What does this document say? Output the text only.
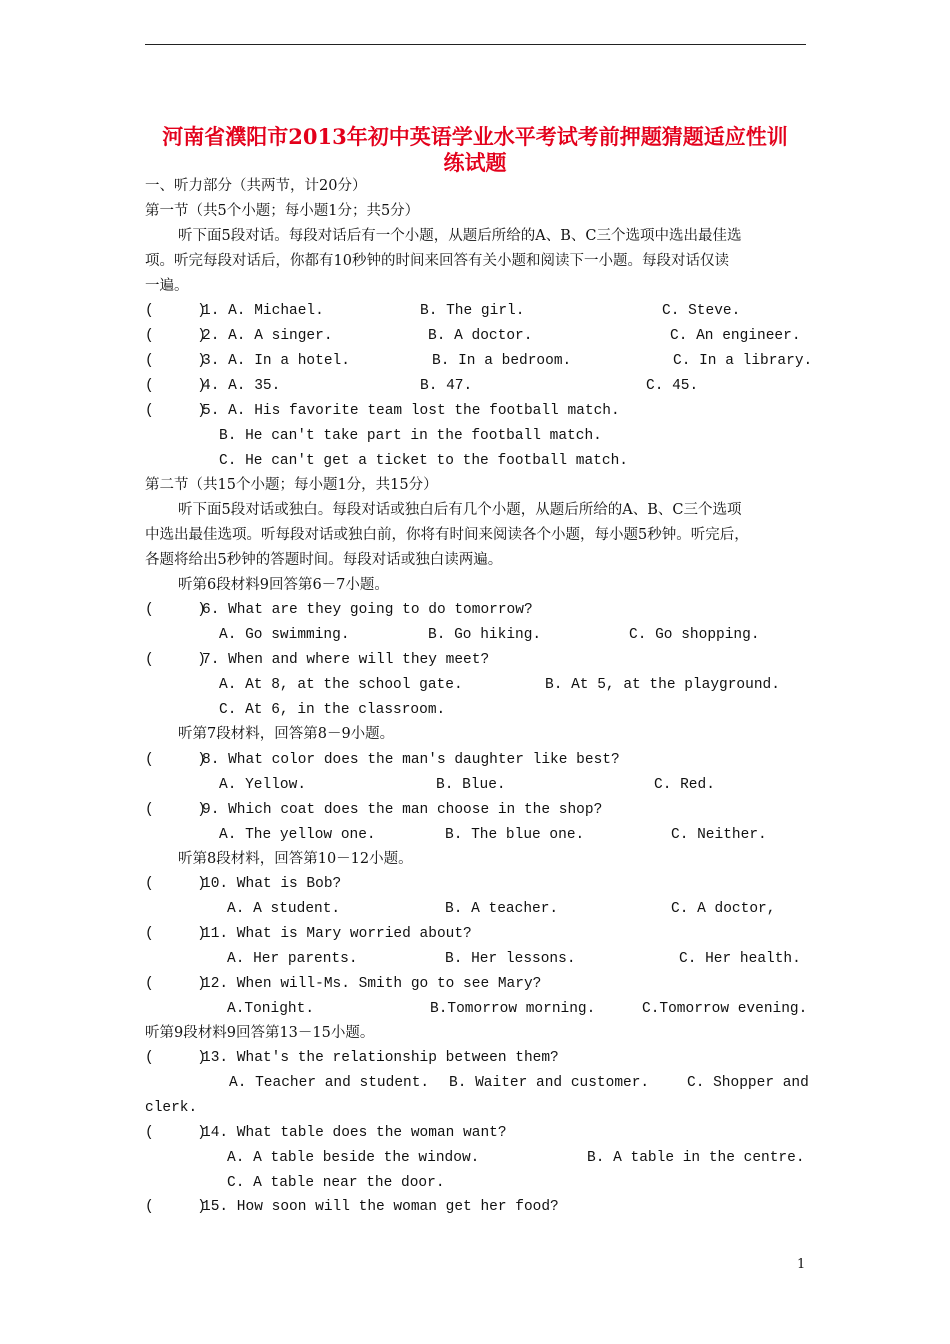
河南省濮阳市2013年初中英语学业水平考试考前押题猜题适应性训
练试题
一、听力部分（共两节，计20分）
第一节（共5个小题；每小题1分；共5分）
听下面5段对话。每段对话后有一个小题，从题后所给的A、B、C三个选项中选出最佳选
项。听完每段对话后，你都有10秒钟的时间来回答有关小题和阅读下一小题。每段对话仅读
一遍。
(     )
1. A. Michael.	B. The girl.	C. Steve.
(     )
2. A. A singer.	B. A doctor.	C. An engineer.
(     )
3. A. In a hotel.	B. In a bedroom.	C. In a library.
(     )
4. A. 35.	B. 47.	C. 45.
(     )
5. A. His favorite team lost the football match.
B. He can't take part in the football match.
C. He can't get a ticket to the football match.
第二节（共15个小题；每小题1分，共15分）
听下面5段对话或独白。每段对话或独白后有几个小题，从题后所给的A、B、C三个选项
中选出最佳选项。听每段对话或独白前，你将有时间来阅读各个小题，每小题5秒钟。听完后，
各题将给出5秒钟的答题时间。每段对话或独白读两遍。
听第6段材料9回答第6－7小题。
(     )
6. What are they going to do tomorrow?
A. Go swimming.	B. Go hiking.	C. Go shopping.
(     )
7. When and where will they meet?
A. At 8, at the school gate.	B. At 5, at the playground.
C. At 6, in the classroom.
听第7段材料，回答第8－9小题。
(     )
8. What color does the man's daughter like best?
A. Yellow.	B. Blue.	C. Red.
(     )
9. Which coat does the man choose in the shop?
A. The yellow one.	B. The blue one.	C. Neither.
听第8段材料，回答第10－12小题。
(     )
10. What is Bob?
A. A student.	B. A teacher.	C. A doctor,
(     )
11. What is Mary worried about?
A. Her parents.	B. Her lessons.	C. Her health.
(     )
12. When will-Ms. Smith go to see Mary?
A.Tonight.	B.Tomorrow morning.	C.Tomorrow evening.
听第9段材料9回答第13－15小题。
(     )
13. What's the relationship between them?
A. Teacher and student. B. Waiter and customer.	C. Shopper and
clerk.
(     )
14. What table does the woman want?
A. A table beside the window.	B. A table in the centre.
C. A table near the door.
(     )
15. How soon will the woman get her food?
1
